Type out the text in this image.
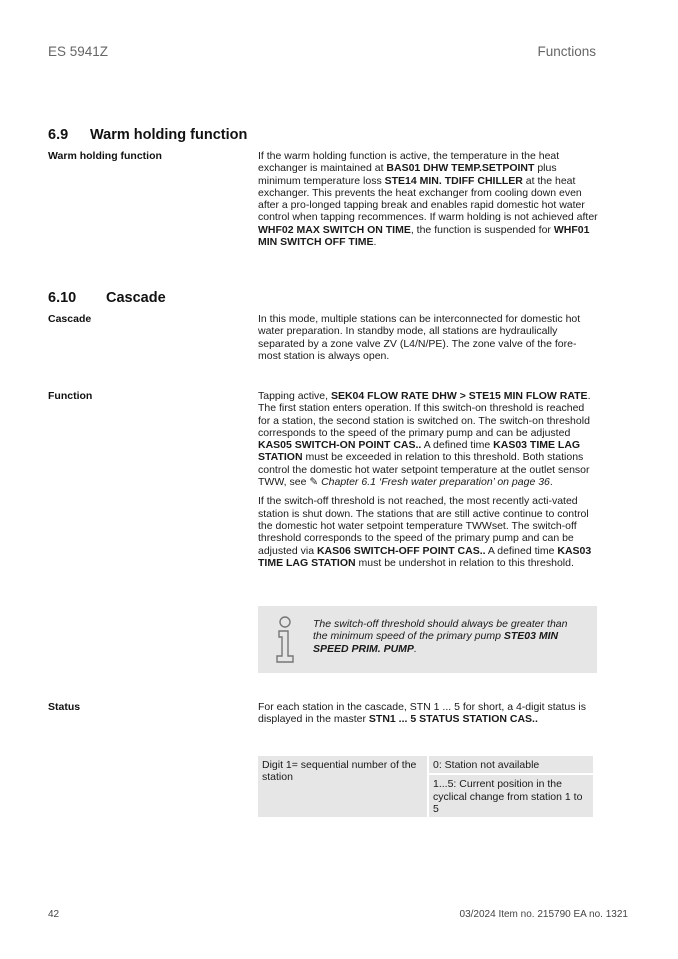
ES 5941Z	Functions
6.9 Warm holding function
Warm holding function	If the warm holding function is active, the temperature in the heat exchanger is maintained at BAS01 DHW TEMP.SETPOINT plus minimum temperature loss STE14 MIN. TDIFF CHILLER at the heat exchanger. This prevents the heat exchanger from cooling down even after a pro-longed tapping break and enables rapid domestic hot water control when tapping recommences. If warm holding is not achieved after WHF02 MAX SWITCH ON TIME, the function is suspended for WHF01 MIN SWITCH OFF TIME.

6.10 Cascade
Cascade	In this mode, multiple stations can be interconnected for domestic hot water preparation. In standby mode, all stations are hydraulically separated by a zone valve ZV (L4/N/PE). The zone valve of the fore-most station is always open.

Function	Tapping active, SEK04 FLOW RATE DHW > STE15 MIN FLOW RATE. The first station enters operation. If this switch-on threshold is reached for a station, the second station is switched on. The switch-on threshold corresponds to the speed of the primary pump and can be adjusted KAS05 SWITCH-ON POINT CAS.. A defined time KAS03 TIME LAG STATION must be exceeded in relation to this threshold. Both stations control the domestic hot water setpoint temperature at the outlet sensor TWW, see ✎ Chapter 6.1 ‘Fresh water preparation’ on page 36.

If the switch-off threshold is not reached, the most recently acti-vated station is shut down. The stations that are still active continue to control the domestic hot water setpoint temperature TWWset. The switch-off threshold corresponds to the speed of the primary pump and can be adjusted via KAS06 SWITCH-OFF POINT CAS.. A defined time KAS03 TIME LAG STATION must be undershot in relation to this threshold.

The switch-off threshold should always be greater than the minimum speed of the primary pump STE03 MIN SPEED PRIM. PUMP.
Status	For each station in the cascade, STN 1 ... 5 for short, a 4-digit status is displayed in the master STN1 ... 5 STATUS STATION CAS..

Digit 1= sequential number of the station	0: Station not available
1...5: Current position in the cyclical change from station 1 to 5
42	03/2024 Item no. 215790 EA no. 1321
